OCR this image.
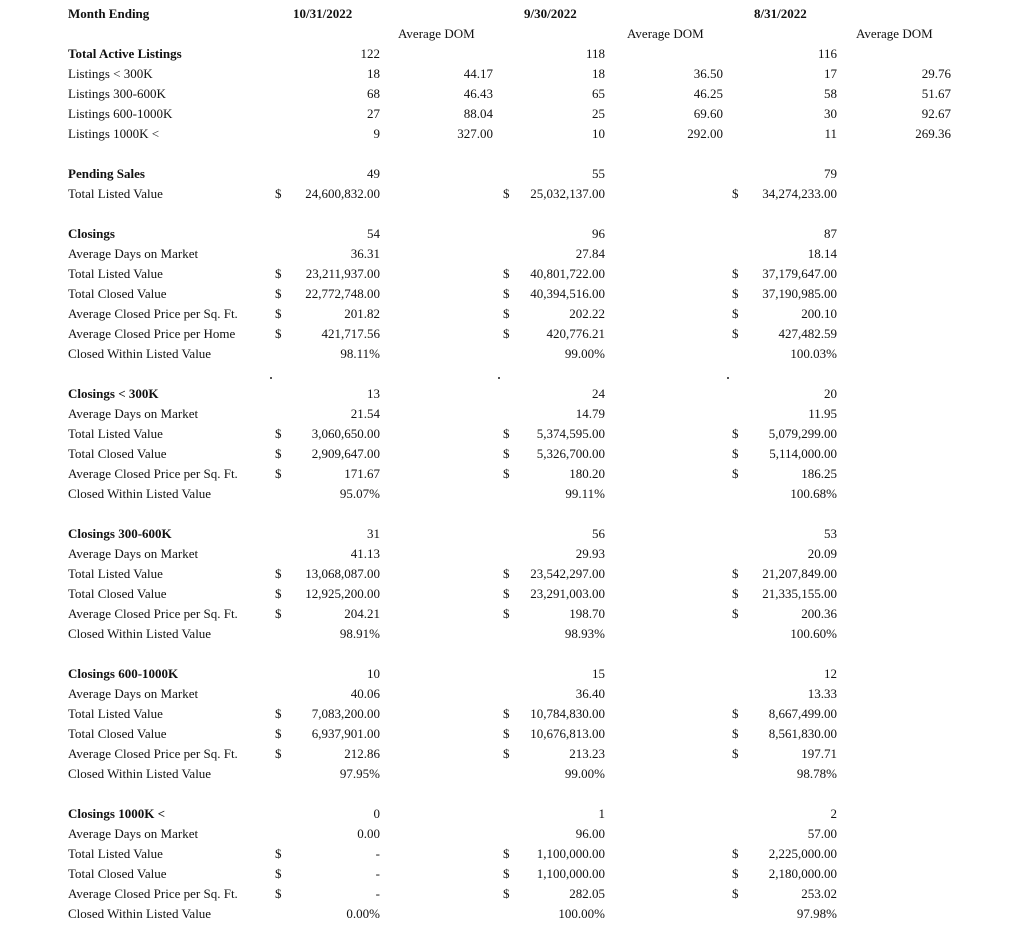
Month Ending	10/31/2022	9/30/2022	8/31/2022
Average DOM	Average DOM	Average DOM
Total Active Listings	122	118	116
Listings < 300K	18	44.17	18	36.50	17	29.76
Listings 300-600K	68	46.43	65	46.25	58	51.67
Listings 600-1000K	27	88.04	25	69.60	30	92.67
Listings 1000K <	9	327.00	10	292.00	11	269.36
Pending Sales	49	55	79
Total Listed Value	$ 24,600,832.00	$ 25,032,137.00	$ 34,274,233.00
Closings	54	96	87
Average Days on Market	36.31	27.84	18.14
Total Listed Value	$ 23,211,937.00	$ 40,801,722.00	$ 37,179,647.00
Total Closed Value	$ 22,772,748.00	$ 40,394,516.00	$ 37,190,985.00
Average Closed Price per Sq. Ft.	$	201.82	$	202.22	$	200.10
Average Closed Price per Home	$	421,717.56	$	420,776.21	$	427,482.59
Closed Within Listed Value	98.11%	99.00%	100.03%
Closings < 300K	13	24	20
Average Days on Market	21.54	14.79	11.95
Total Listed Value	$ 3,060,650.00	$ 5,374,595.00	$ 5,079,299.00
Total Closed Value	$ 2,909,647.00	$ 5,326,700.00	$ 5,114,000.00
Average Closed Price per Sq. Ft.	$	171.67	$	180.20	$	186.25
Closed Within Listed Value	95.07%	99.11%	100.68%
Closings 300-600K	31	56	53
Average Days on Market	41.13	29.93	20.09
Total Listed Value	$ 13,068,087.00	$ 23,542,297.00	$ 21,207,849.00
Total Closed Value	$ 12,925,200.00	$ 23,291,003.00	$ 21,335,155.00
Average Closed Price per Sq. Ft.	$	204.21	$	198.70	$	200.36
Closed Within Listed Value	98.91%	98.93%	100.60%
Closings 600-1000K	10	15	12
Average Days on Market	40.06	36.40	13.33
Total Listed Value	$ 7,083,200.00	$ 10,784,830.00	$ 8,667,499.00
Total Closed Value	$ 6,937,901.00	$ 10,676,813.00	$ 8,561,830.00
Average Closed Price per Sq. Ft.	$	212.86	$	213.23	$	197.71
Closed Within Listed Value	97.95%	99.00%	98.78%
Closings 1000K <	0	1	2
Average Days on Market	0.00	96.00	57.00
Total Listed Value	$	-	$ 1,100,000.00	$ 2,225,000.00
Total Closed Value	$	-	$ 1,100,000.00	$ 2,180,000.00
Average Closed Price per Sq. Ft.	$	-	$	282.05	$	253.02
Closed Within Listed Value	0.00%	100.00%	97.98%
